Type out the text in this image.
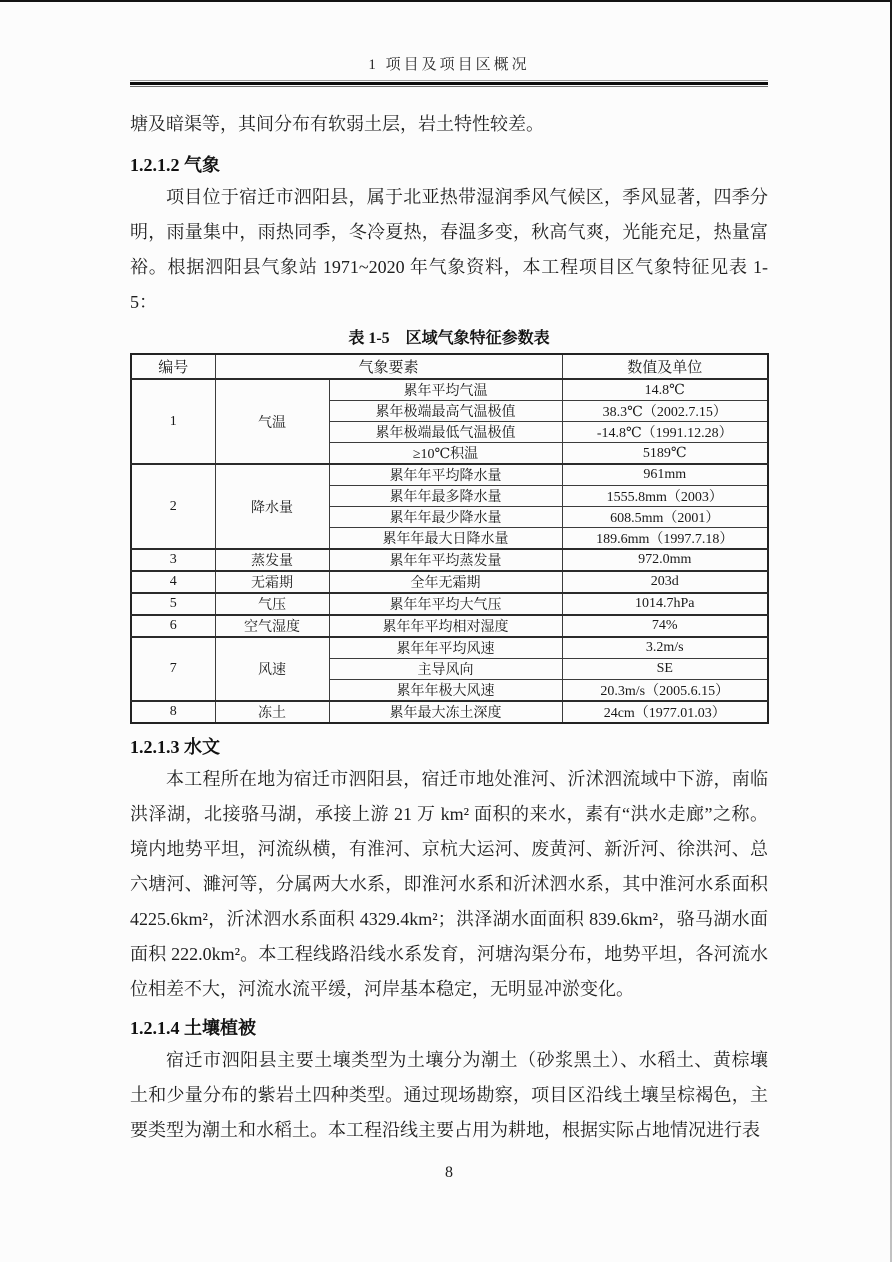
1 项目及项目区概况

塘及暗渠等，其间分布有软弱土层，岩土特性较差。

1.2.1.2 气象

项目位于宿迁市泗阳县，属于北亚热带湿润季风气候区，季风显著，四季分明，雨量集中，雨热同季，冬冷夏热，春温多变，秋高气爽，光能充足，热量富裕。根据泗阳县气象站 1971~2020 年气象资料，本工程项目区气象特征见表 1-5：

表 1-5　区域气象特征参数表
编号	气象要素		数值及单位
1	气温	累年平均气温	14.8℃
		累年极端最高气温极值	38.3℃（2002.7.15）
		累年极端最低气温极值	-14.8℃（1991.12.28）
		≥10℃积温	5189℃
2	降水量	累年年平均降水量	961mm
		累年年最多降水量	1555.8mm（2003）
		累年年最少降水量	608.5mm（2001）
		累年年最大日降水量	189.6mm（1997.7.18）
3	蒸发量	累年年平均蒸发量	972.0mm
4	无霜期	全年无霜期	203d
5	气压	累年年平均大气压	1014.7hPa
6	空气湿度	累年年平均相对湿度	74%
7	风速	累年年平均风速	3.2m/s
		主导风向	SE
		累年年极大风速	20.3m/s（2005.6.15）
8	冻土	累年最大冻土深度	24cm（1977.01.03）
1.2.1.3 水文

本工程所在地为宿迁市泗阳县，宿迁市地处淮河、沂沭泗流域中下游，南临洪泽湖，北接骆马湖，承接上游 21 万 km² 面积的来水，素有“洪水走廊”之称。境内地势平坦，河流纵横，有淮河、京杭大运河、废黄河、新沂河、徐洪河、总六塘河、濉河等，分属两大水系，即淮河水系和沂沭泗水系，其中淮河水系面积 4225.6km²，沂沭泗水系面积 4329.4km²；洪泽湖水面面积 839.6km²，骆马湖水面面积 222.0km²。本工程线路沿线水系发育，河塘沟渠分布，地势平坦，各河流水位相差不大，河流水流平缓，河岸基本稳定，无明显冲淤变化。

1.2.1.4 土壤植被

宿迁市泗阳县主要土壤类型为土壤分为潮土（砂浆黑土）、水稻土、黄棕壤土和少量分布的紫岩土四种类型。通过现场勘察，项目区沿线土壤呈棕褐色，主要类型为潮土和水稻土。本工程沿线主要占用为耕地，根据实际占地情况进行表

8
